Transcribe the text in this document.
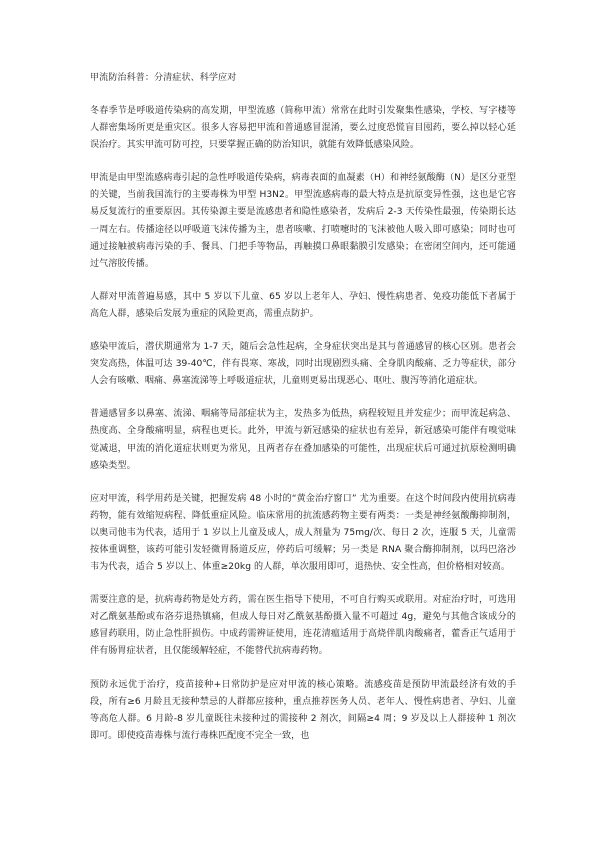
甲流防治科普：分清症状、科学应对

冬春季节是呼吸道传染病的高发期，甲型流感（简称甲流）常常在此时引发聚集性感染，学校、写字楼等人群密集场所更是重灾区。很多人容易把甲流和普通感冒混淆，要么过度恐慌盲目囤药，要么掉以轻心延误治疗。其实甲流可防可控，只要掌握正确的防治知识，就能有效降低感染风险。

甲流是由甲型流感病毒引起的急性呼吸道传染病，病毒表面的血凝素（H）和神经氨酸酶（N）是区分亚型的关键，当前我国流行的主要毒株为甲型 H3N2。甲型流感病毒的最大特点是抗原变异性强，这也是它容易反复流行的重要原因。其传染源主要是流感患者和隐性感染者，发病后 2-3 天传染性最强，传染期长达一周左右。传播途径以呼吸道飞沫传播为主，患者咳嗽、打喷嚏时的飞沫被他人吸入即可感染；同时也可通过接触被病毒污染的手、餐具、门把手等物品，再触摸口鼻眼黏膜引发感染；在密闭空间内，还可能通过气溶胶传播。

人群对甲流普遍易感，其中 5 岁以下儿童、65 岁以上老年人、孕妇、慢性病患者、免疫功能低下者属于高危人群，感染后发展为重症的风险更高，需重点防护。

感染甲流后，潜伏期通常为 1-7 天，随后会急性起病，全身症状突出是其与普通感冒的核心区别。患者会突发高热，体温可达 39-40℃，伴有畏寒、寒战，同时出现剧烈头痛、全身肌肉酸痛、乏力等症状，部分人会有咳嗽、咽痛、鼻塞流涕等上呼吸道症状，儿童则更易出现恶心、呕吐、腹泻等消化道症状。

普通感冒多以鼻塞、流涕、咽痛等局部症状为主，发热多为低热，病程较短且并发症少；而甲流起病急、热度高、全身酸痛明显，病程也更长。此外，甲流与新冠感染的症状也有差异，新冠感染可能伴有嗅觉味觉减退，甲流的消化道症状则更为常见，且两者存在叠加感染的可能性，出现症状后可通过抗原检测明确感染类型。

应对甲流，科学用药是关键，把握发病 48 小时的“黄金治疗窗口” 尤为重要。在这个时间段内使用抗病毒药物，能有效缩短病程、降低重症风险。临床常用的抗流感药物主要有两类：一类是神经氨酸酶抑制剂，以奥司他韦为代表，适用于 1 岁以上儿童及成人，成人剂量为 75mg/次、每日 2 次，连服 5 天，儿童需按体重调整，该药可能引发轻微胃肠道反应，停药后可缓解；另一类是 RNA 聚合酶抑制剂，以玛巴洛沙韦为代表，适合 5 岁以上、体重≥20kg 的人群，单次服用即可，退热快、安全性高，但价格相对较高。

需要注意的是，抗病毒药物是处方药，需在医生指导下使用，不可自行购买或联用。对症治疗时，可选用对乙酰氨基酚或布洛芬退热镇痛，但成人每日对乙酰氨基酚摄入量不可超过 4g，避免与其他含该成分的感冒药联用，防止急性肝损伤。中成药需辨证使用，连花清瘟适用于高烧伴肌肉酸痛者，藿香正气适用于伴有肠胃症状者，且仅能缓解轻症，不能替代抗病毒药物。

预防永远优于治疗，疫苗接种+日常防护是应对甲流的核心策略。流感疫苗是预防甲流最经济有效的手段，所有≥6 月龄且无接种禁忌的人群都应接种，重点推荐医务人员、老年人、慢性病患者、孕妇、儿童等高危人群。6 月龄-8 岁儿童既往未接种过的需接种 2 剂次，间隔≥4 周；9 岁及以上人群接种 1 剂次即可。即使疫苗毒株与流行毒株匹配度不完全一致，也
